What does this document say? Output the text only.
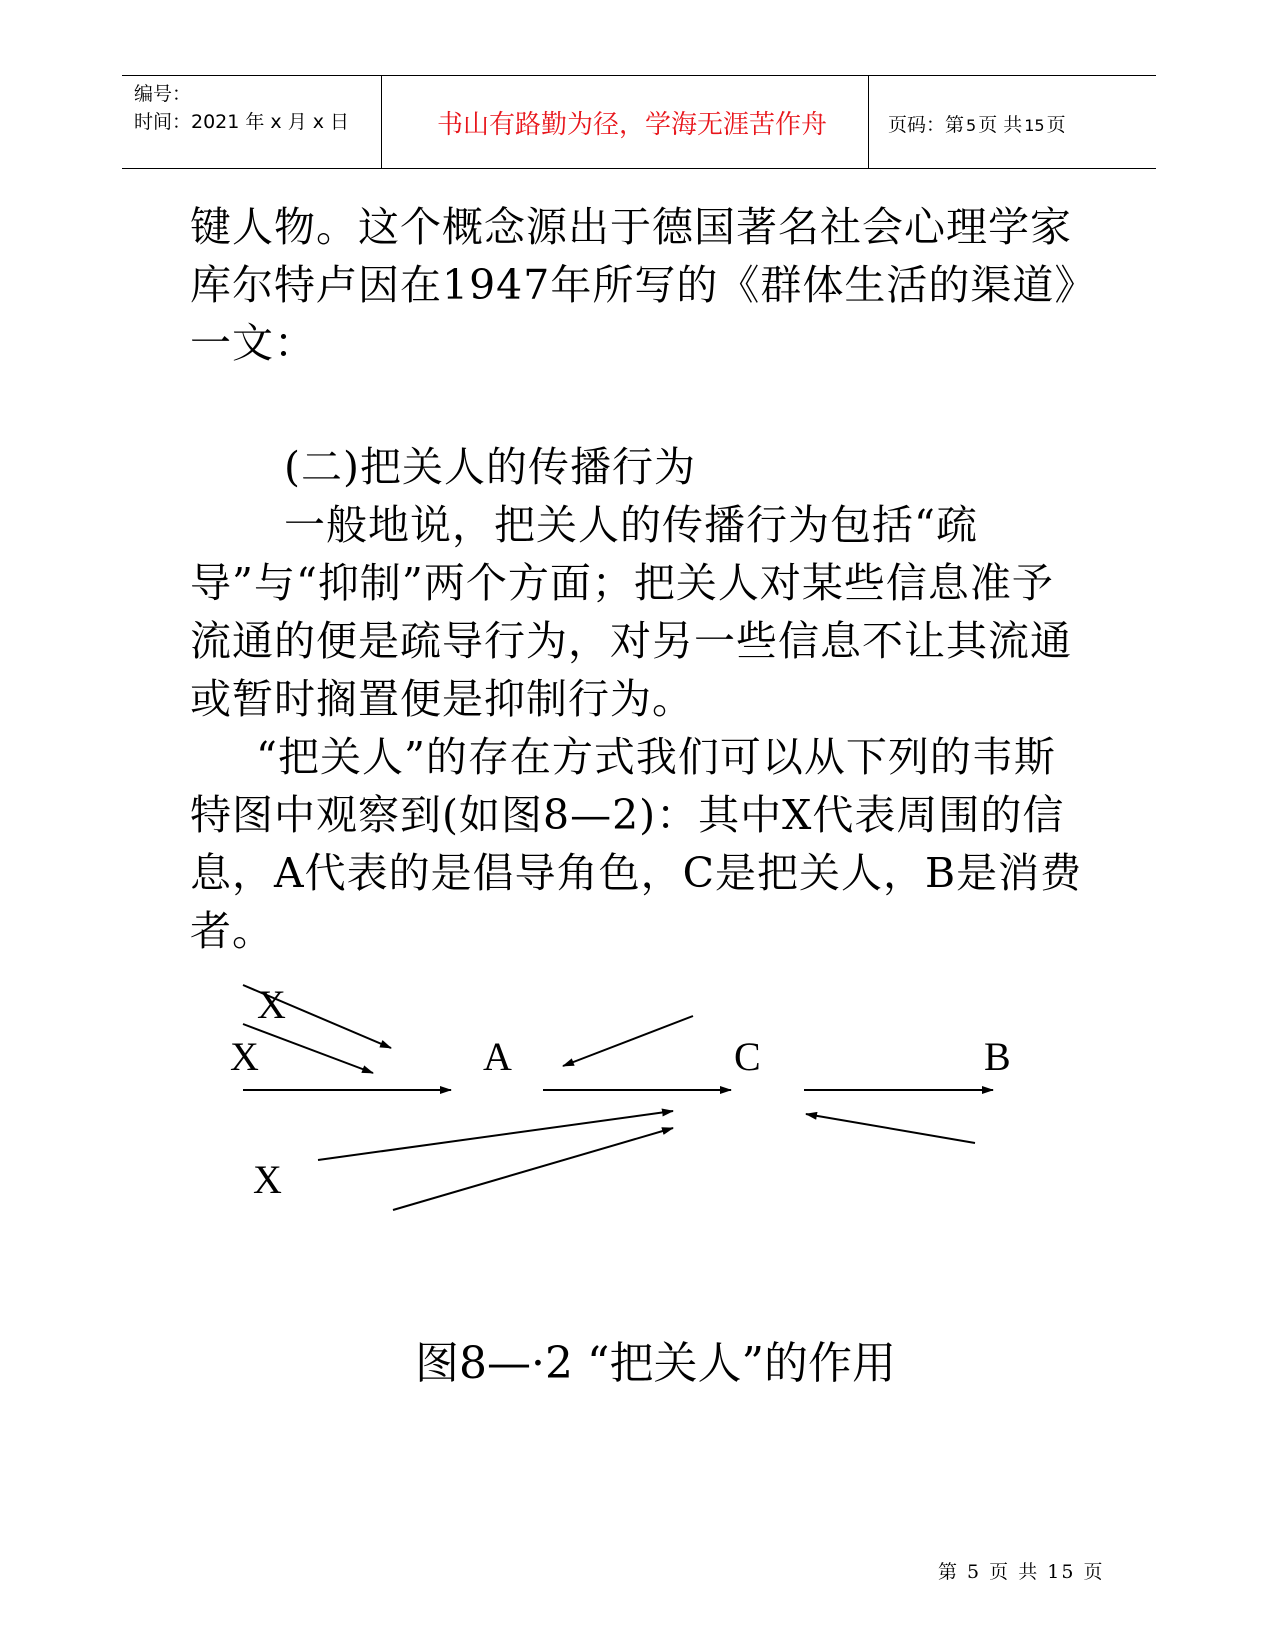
编号：
时间：2021 年 x 月 x 日	书山有路勤为径，学海无涯苦作舟	页码：第 5 页 共 15 页
键人物。这个概念源出于德国著名社会心理学家库尔特卢因在1947年所写的《群体生活的渠道》一文：
(二)把关人的传播行为
一般地说，把关人的传播行为包括“疏导”与“抑制”两个方面；把关人对某些信息准予流通的便是疏导行为，对另一些信息不让其流通或暂时搁置便是抑制行为。
“把关人”的存在方式我们可以从下列的韦斯特图中观察到(如图8—2)：其中X代表周围的信息，A代表的是倡导角色，C是把关人，B是消费者。
X
X
X
A	C	B
图8—·2 “把关人”的作用
第 5 页 共 15 页
